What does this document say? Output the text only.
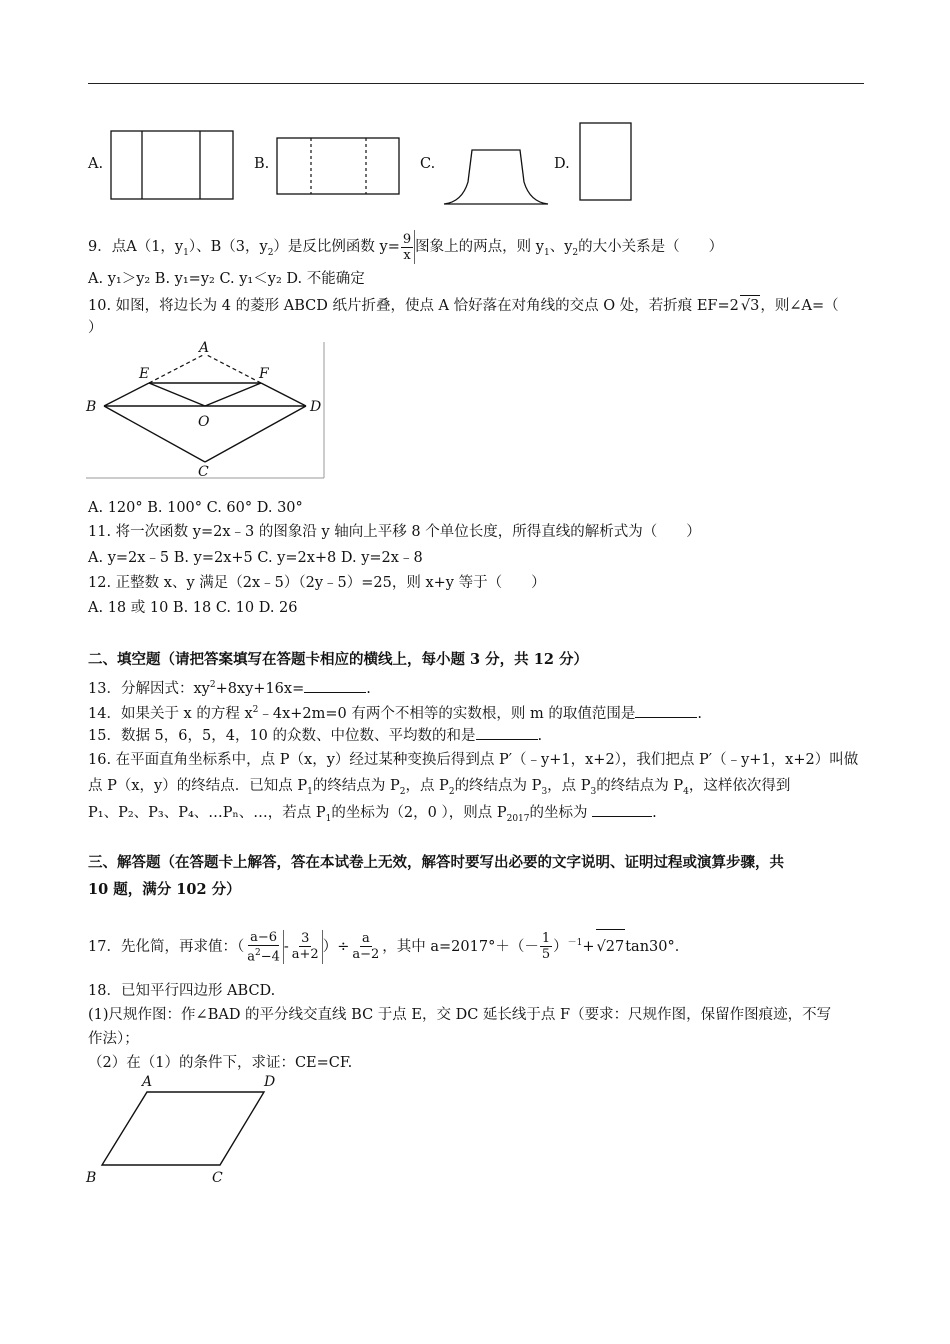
A.	B.	C.	D.
9．点A（1，$y_1$）、B（3，$y_2$）是反比例函数 $y= \frac{9}{x}$ 图象上的两点，则 $y_1$、$y_2$的大小关系是（　　）
A. y₁＞y₂ B. y₁=y₂ C. y₁＜y₂ D. 不能确定
10. 如图，将边长为 4 的菱形 ABCD 纸片折叠，使点 A 恰好落在对角线的交点 O 处，若折痕 EF=2 √3，则∠A=（
）
A
E	F
B
O
D
C
A. 120° B. 100° C. 60° D. 30°
11. 将一次函数 y=2x﹣3 的图象沿 y 轴向上平移 8 个单位长度，所得直线的解析式为（　　）
A. y=2x﹣5 B. y=2x+5 C. y=2x+8 D. y=2x﹣8
12. 正整数 x、y 满足（2x﹣5）（2y﹣5）=25，则 x+y 等于（　　）
A. 18 或 10 B. 18 C. 10 D. 26
二、填空题（请把答案填写在答题卡相应的横线上，每小题 3 分，共 12 分）
13．分解因式：$xy^2+8xy+16x=$	.
14．如果关于 x 的方程 $x^2﹣4x+2m=0$ 有两个不相等的实数根，则 m 的取值范围是	.
15．数据 5，6，5，4，10 的众数、中位数、平均数的和是	.
16. 在平面直角坐标系中，点 P（x，y）经过某种变换后得到点 P′（﹣y+1，x+2），我们把点 P′（﹣y+1，x+2）叫做
点 P（x，y）的终结点．已知点 $P_1$的终结点为 $P_2$，点 $P_2$的终结点为 $P_3$，点 $P_3$的终结点为 $P_4$，这样依次得到
P₁、P₂、P₃、P₄、…Pₙ、…，若点 $P_1$的坐标为（2，0 ），则点 $P_{2017}$的坐标为	.
三、解答题（在答题卡上解答，答在本试卷上无效，解答时要写出必要的文字说明、证明过程或演算步骤，共
10 题，满分 102 分）
17．先化简，再求值：（ $\frac{a-6}{a^2-4} - \frac{3}{a+2}$ ）÷ $\frac{a}{a-2}$ ，其中 $a=2017^\circ+(- \frac{1}{5} )^{-1}+ √27\tan 30^\circ$．
18．已知平行四边形 ABCD.
(1)尺规作图：作∠BAD 的平分线交直线 BC 于点 E，交 DC 延长线于点 F（要求：尺规作图，保留作图痕迹，不写
作法）；
（2）在（1）的条件下，求证：CE=CF.
A	D
B	C
